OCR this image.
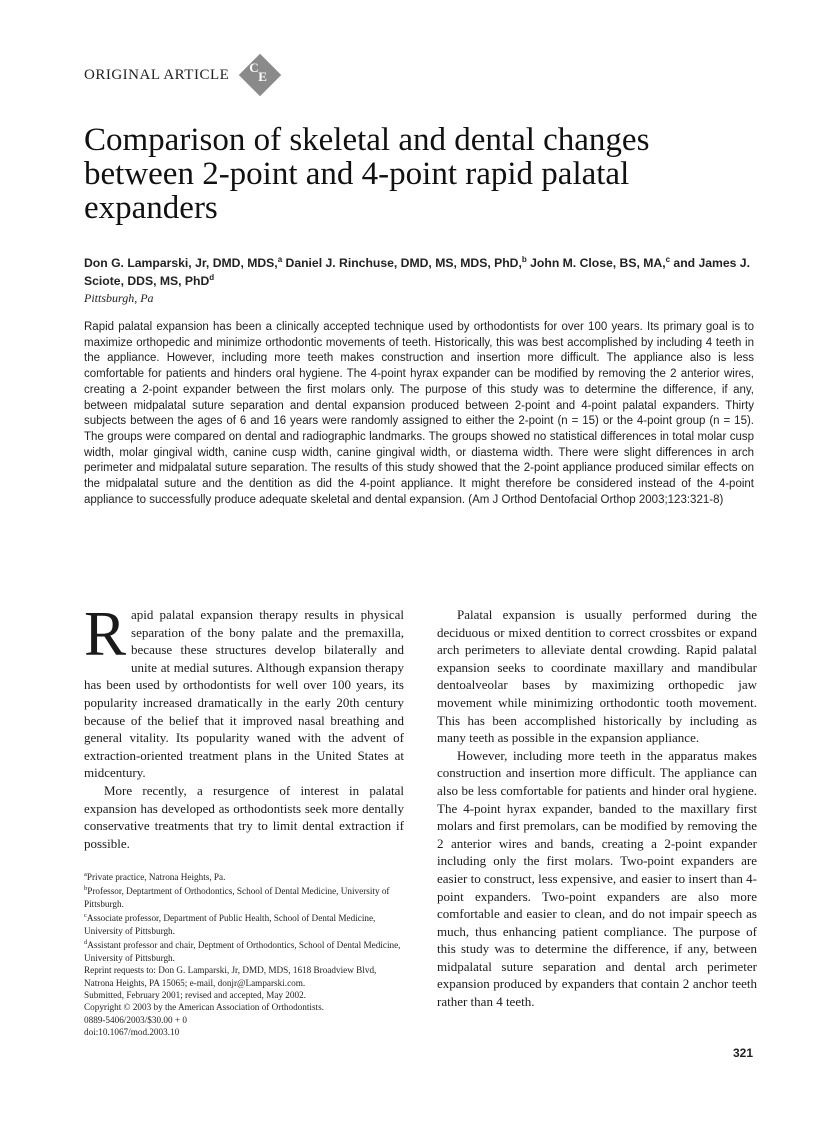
ORIGINAL ARTICLE C
E
Comparison of skeletal and dental changes between 2-point and 4-point rapid palatal expanders
Don G. Lamparski, Jr, DMD, MDS,$^a$ Daniel J. Rinchuse, DMD, MS, MDS, PhD,$^b$ John M. Close, BS, MA,$^c$ and James J. Sciote, DDS, MS, PhD$^d$
Pittsburgh, Pa

Rapid palatal expansion has been a clinically accepted technique used by orthodontists for over 100 years. Its primary goal is to maximize orthopedic and minimize orthodontic movements of teeth. Historically, this was best accomplished by including 4 teeth in the appliance. However, including more teeth makes construction and insertion more difficult. The appliance also is less comfortable for patients and hinders oral hygiene. The 4-point hyrax expander can be modified by removing the 2 anterior wires, creating a 2-point expander between the first molars only. The purpose of this study was to determine the difference, if any, between midpalatal suture separation and dental expansion produced between 2-point and 4-point palatal expanders. Thirty subjects between the ages of 6 and 16 years were randomly assigned to either the 2-point (n = 15) or the 4-point group (n = 15). The groups were compared on dental and radiographic landmarks. The groups showed no statistical differences in total molar cusp width, molar gingival width, canine cusp width, canine gingival width, or diastema width. There were slight differences in arch perimeter and midpalatal suture separation. The results of this study showed that the 2-point appliance produced similar effects on the midpalatal suture and the dentition as did the 4-point appliance. It might therefore be considered instead of the 4-point appliance to successfully produce adequate skeletal and dental expansion. (Am J Orthod Dentofacial Orthop 2003;123:321-8)

Rapid palatal expansion therapy results in physical separation of the bony palate and the premaxilla, because these structures develop bilaterally and unite at medial sutures. Although expansion therapy has been used by orthodontists for well over 100 years, its popularity increased dramatically in the early 20th century because of the belief that it improved nasal breathing and general vitality. Its popularity waned with the advent of extraction-oriented treatment plans in the United States at midcentury.

More recently, a resurgence of interest in palatal expansion has developed as orthodontists seek more dentally conservative treatments that try to limit dental extraction if possible.

$^a$Private practice, Natrona Heights, Pa.
$^b$Professor, Deptartment of Orthodontics, School of Dental Medicine, University of Pittsburgh.
$^c$Associate professor, Department of Public Health, School of Dental Medicine, University of Pittsburgh.
$^d$Assistant professor and chair, Deptment of Orthodontics, School of Dental Medicine, University of Pittsburgh.
Reprint requests to: Don G. Lamparski, Jr, DMD, MDS, 1618 Broadview Blvd, Natrona Heights, PA 15065; e-mail, donjr@Lamparski.com.
Submitted, February 2001; revised and accepted, May 2002.
Copyright © 2003 by the American Association of Orthodontists.
0889-5406/2003/$30.00 + 0
doi:10.1067/mod.2003.10

Palatal expansion is usually performed during the deciduous or mixed dentition to correct crossbites or expand arch perimeters to alleviate dental crowding. Rapid palatal expansion seeks to coordinate maxillary and mandibular dentoalveolar bases by maximizing orthopedic jaw movement while minimizing orthodontic tooth movement. This has been accomplished historically by including as many teeth as possible in the expansion appliance.

However, including more teeth in the apparatus makes construction and insertion more difficult. The appliance can also be less comfortable for patients and hinder oral hygiene. The 4-point hyrax expander, banded to the maxillary first molars and first premolars, can be modified by removing the 2 anterior wires and bands, creating a 2-point expander including only the first molars. Two-point expanders are easier to construct, less expensive, and easier to insert than 4-point expanders. Two-point expanders are also more comfortable and easier to clean, and do not impair speech as much, thus enhancing patient compliance. The purpose of this study was to determine the difference, if any, between midpalatal suture separation and dental arch perimeter expansion produced by expanders that contain 2 anchor teeth rather than 4 teeth.

321
